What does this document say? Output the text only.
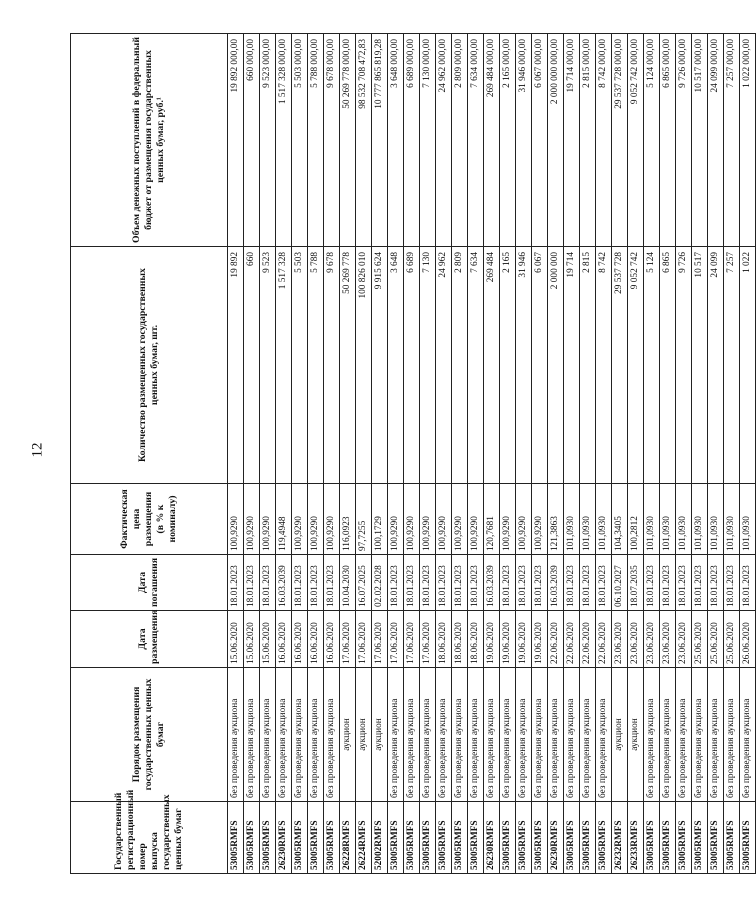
12
Государственный регистрационный номер выпуска государственных ценных бумаг	Порядок размещения государственных ценных бумаг	Дата размещения	Дата погашения	Фактическая цена размещения (в % к номиналу)	Количество размещенных государственных ценных бумаг, шт.	Объем денежных поступлений в федеральный бюджет от размещения государственных ценных бумаг, руб.¹
53005RMFS	без проведения аукциона	15.06.2020	18.01.2023	100,9290	19 892	19 892 000,00
53005RMFS	без проведения аукциона	15.06.2020	18.01.2023	100,9290	660	660 000,00
53005RMFS	без проведения аукциона	15.06.2020	18.01.2023	100,9290	9 523	9 523 000,00
26230RMFS	без проведения аукциона	16.06.2020	16.03.2039	119,4948	1 517 328	1 517 328 000,00
53005RMFS	без проведения аукциона	16.06.2020	18.01.2023	100,9290	5 503	5 503 000,00
53005RMFS	без проведения аукциона	16.06.2020	18.01.2023	100,9290	5 788	5 788 000,00
53005RMFS	без проведения аукциона	16.06.2020	18.01.2023	100,9290	9 678	9 678 000,00
26228RMFS	аукцион	17.06.2020	10.04.2030	116,0923	50 269 778	50 269 778 000,00
26224RMFS	аукцион	17.06.2020	16.07.2025	97,7255	100 826 010	98 532 708 472,83
52002RMFS	аукцион	17.06.2020	02.02.2028	100,1729	9 915 624	10 777 865 819,28
53005RMFS	без проведения аукциона	17.06.2020	18.01.2023	100,9290	3 648	3 648 000,00
53005RMFS	без проведения аукциона	17.06.2020	18.01.2023	100,9290	6 689	6 689 000,00
53005RMFS	без проведения аукциона	17.06.2020	18.01.2023	100,9290	7 130	7 130 000,00
53005RMFS	без проведения аукциона	18.06.2020	18.01.2023	100,9290	24 962	24 962 000,00
53005RMFS	без проведения аукциона	18.06.2020	18.01.2023	100,9290	2 809	2 809 000,00
53005RMFS	без проведения аукциона	18.06.2020	18.01.2023	100,9290	7 634	7 634 000,00
26230RMFS	без проведения аукциона	19.06.2020	16.03.2039	120,7681	269 484	269 484 000,00
53005RMFS	без проведения аукциона	19.06.2020	18.01.2023	100,9290	2 165	2 165 000,00
53005RMFS	без проведения аукциона	19.06.2020	18.01.2023	100,9290	31 946	31 946 000,00
53005RMFS	без проведения аукциона	19.06.2020	18.01.2023	100,9290	6 067	6 067 000,00
26230RMFS	без проведения аукциона	22.06.2020	16.03.2039	121,3863	2 000 000	2 000 000 000,00
53005RMFS	без проведения аукциона	22.06.2020	18.01.2023	101,0930	19 714	19 714 000,00
53005RMFS	без проведения аукциона	22.06.2020	18.01.2023	101,0930	2 815	2 815 000,00
53005RMFS	без проведения аукциона	22.06.2020	18.01.2023	101,0930	8 742	8 742 000,00
26232RMFS	аукцион	23.06.2020	06.10.2027	104,3405	29 537 728	29 537 728 000,00
26233RMFS	аукцион	23.06.2020	18.07.2035	100,2812	9 052 742	9 052 742 000,00
53005RMFS	без проведения аукциона	23.06.2020	18.01.2023	101,0930	5 124	5 124 000,00
53005RMFS	без проведения аукциона	23.06.2020	18.01.2023	101,0930	6 865	6 865 000,00
53005RMFS	без проведения аукциона	23.06.2020	18.01.2023	101,0930	9 726	9 726 000,00
53005RMFS	без проведения аукциона	25.06.2020	18.01.2023	101,0930	10 517	10 517 000,00
53005RMFS	без проведения аукциона	25.06.2020	18.01.2023	101,0930	24 099	24 099 000,00
53005RMFS	без проведения аукциона	25.06.2020	18.01.2023	101,0930	7 257	7 257 000,00
53005RMFS	без проведения аукциона	26.06.2020	18.01.2023	101,0930	1 022	1 022 000,00
